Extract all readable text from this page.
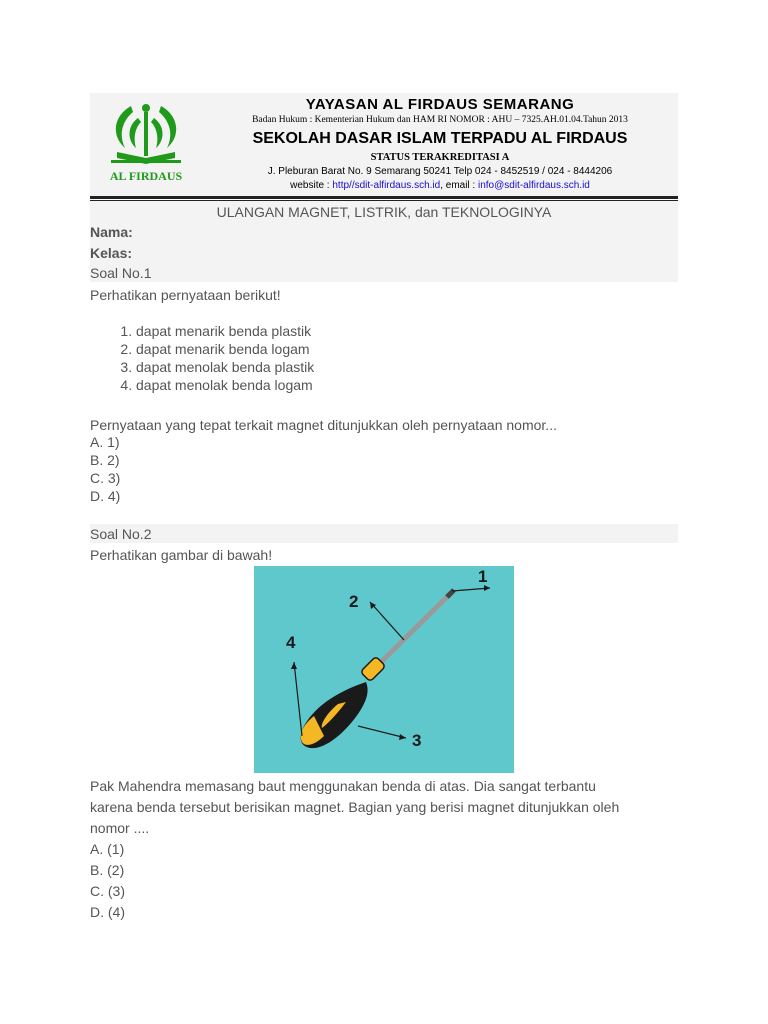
AL FIRDAUS
YAYASAN AL FIRDAUS SEMARANG
Badan Hukum : Kementerian Hukum dan HAM RI NOMOR : AHU – 7325.AH.01.04.Tahun 2013
SEKOLAH DASAR ISLAM TERPADU AL FIRDAUS
STATUS TERAKREDITASI A
J. Pleburan Barat No. 9 Semarang 50241 Telp 024 - 8452519 / 024 - 8444206
website : http//sdit-alfirdaus.sch.id, email : info@sdit-alfirdaus.sch.id
ULANGAN MAGNET, LISTRIK, dan TEKNOLOGINYA
Nama:
Kelas:
Soal No.1
Perhatikan pernyataan berikut!
1. dapat menarik benda plastik
2. dapat menarik benda logam
3. dapat menolak benda plastik
4. dapat menolak benda logam
Pernyataan yang tepat terkait magnet ditunjukkan oleh pernyataan nomor...
A. 1)
B. 2)
C. 3)
D. 4)
Soal No.2
Perhatikan gambar di bawah!
1
2
3
4
Pak Mahendra memasang baut menggunakan benda di atas. Dia sangat terbantu
karena benda tersebut berisikan magnet. Bagian yang berisi magnet ditunjukkan oleh
nomor ....
A. (1)
B. (2)
C. (3)
D. (4)
